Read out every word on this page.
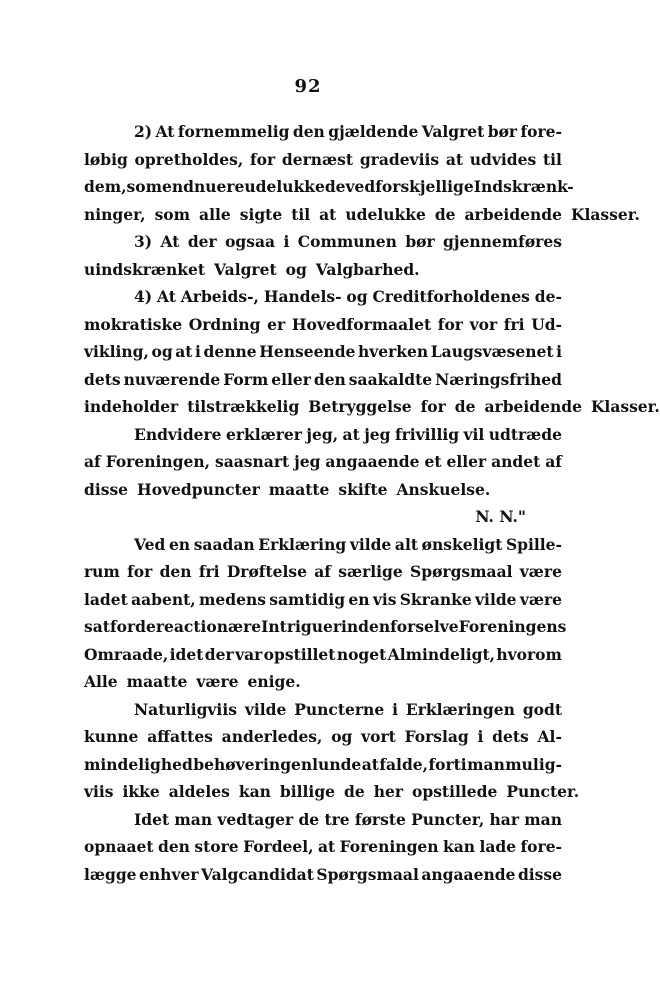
92
2) At fornemmelig den gjældende Valgret bør fore-
løbig opretholdes, for dernæst gradeviis at udvides til
dem, som endnu ere udelukkede ved forskjellige Indskrænk-
ninger, som alle sigte til at udelukke de arbeidende Klasser.
3) At der ogsaa i Communen bør gjennemføres
uindskrænket Valgret og Valgbarhed.
4) At Arbeids-, Handels- og Creditforholdenes de-
mokratiske Ordning er Hovedformaalet for vor fri Ud-
vikling, og at i denne Henseende hverken Laugsvæsenet i
dets nuværende Form eller den saakaldte Næringsfrihed
indeholder tilstrækkelig Betryggelse for de arbeidende Klasser.
Endvidere erklærer jeg, at jeg frivillig vil udtræde
af Foreningen, saasnart jeg angaaende et eller andet af
disse Hovedpuncter maatte skifte Anskuelse.
N. N."
Ved en saadan Erklæring vilde alt ønskeligt Spille-
rum for den fri Drøftelse af særlige Spørgsmaal være
ladet aabent, medens samtidig en vis Skranke vilde være
sat for de reactionære Intriguer indenfor selve Foreningens
Omraade, idet der var opstillet noget Almindeligt, hvorom
Alle maatte være enige.
Naturligviis vilde Puncterne i Erklæringen godt
kunne affattes anderledes, og vort Forslag i dets Al-
mindelighed behøver ingenlunde at falde, forti man mulig-
viis ikke aldeles kan billige de her opstillede Puncter.
Idet man vedtager de tre første Puncter, har man
opnaaet den store Fordeel, at Foreningen kan lade fore-
lægge enhver Valgcandidat Spørgsmaal angaaende disse
